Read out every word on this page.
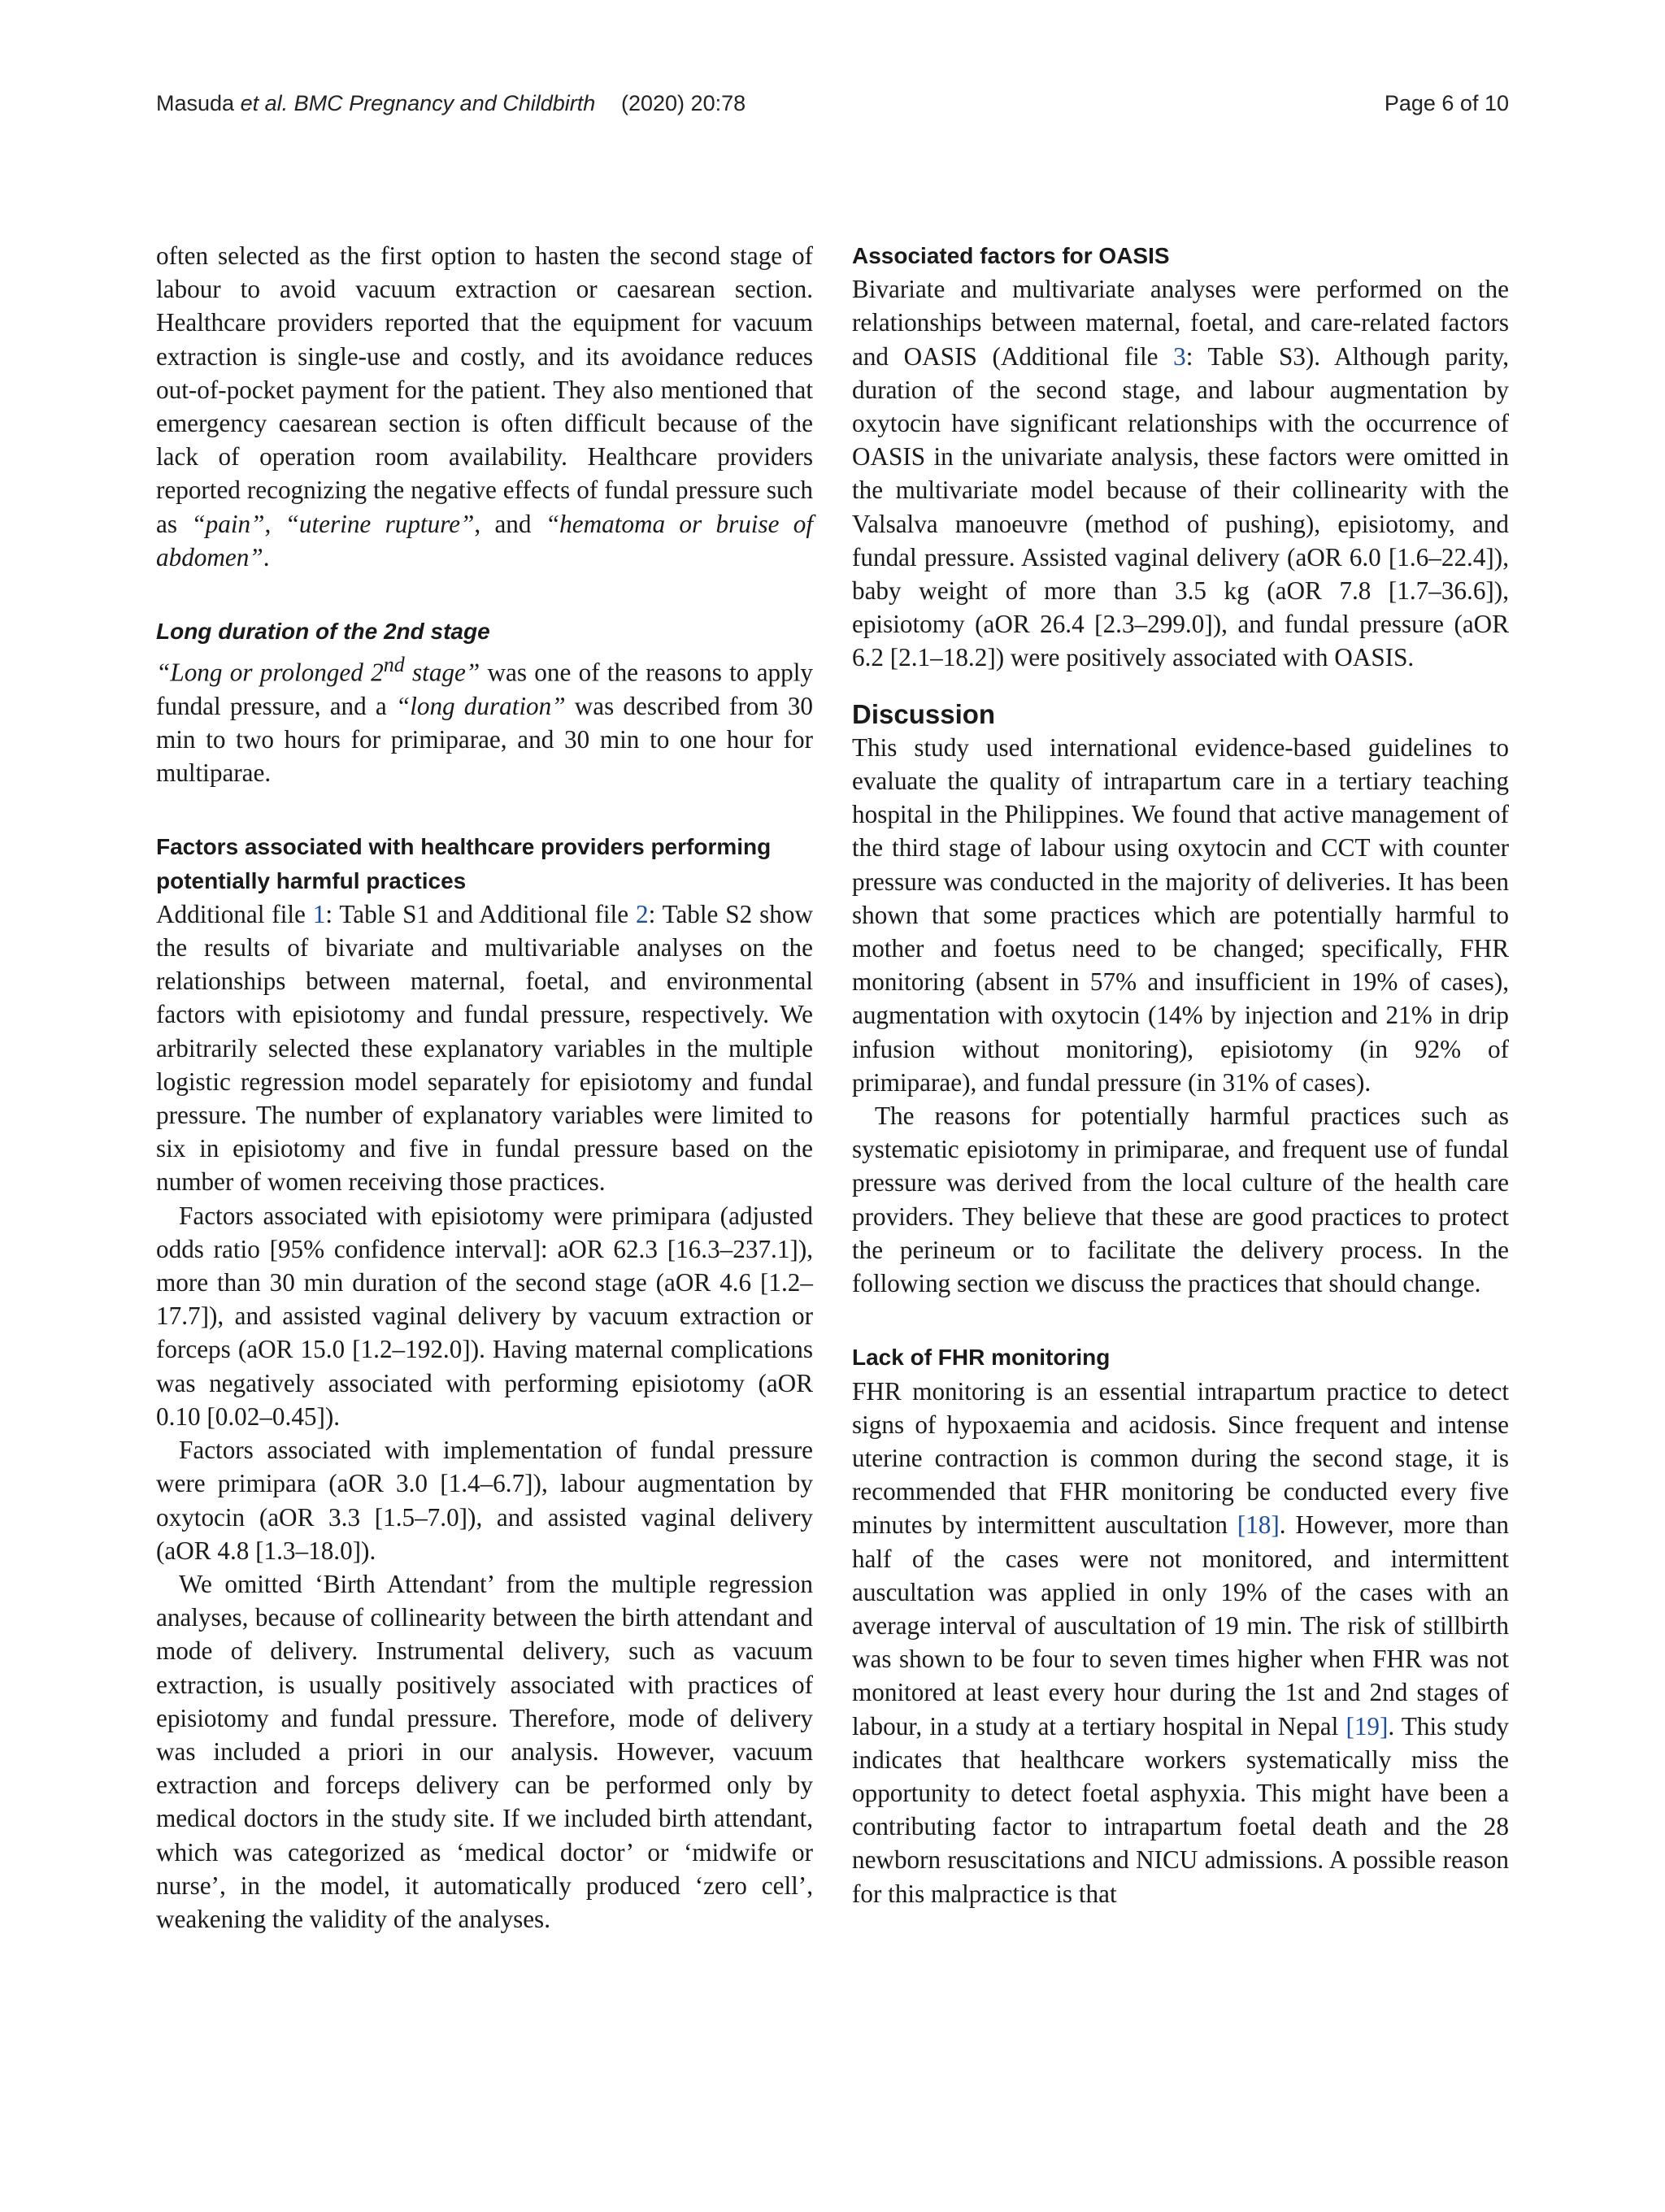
Masuda et al. BMC Pregnancy and Childbirth (2020) 20:78	Page 6 of 10

often selected as the first option to hasten the second stage of labour to avoid vacuum extraction or caesarean section. Healthcare providers reported that the equipment for vacuum extraction is single-use and costly, and its avoidance reduces out-of-pocket payment for the patient. They also mentioned that emergency caesarean section is often difficult because of the lack of operation room availability. Healthcare providers reported recognizing the negative effects of fundal pressure such as “pain”, “uterine rupture”, and “hematoma or bruise of abdomen”.

Long duration of the 2nd stage

“Long or prolonged 2nd stage” was one of the reasons to apply fundal pressure, and a “long duration” was described from 30 min to two hours for primiparae, and 30 min to one hour for multiparae.

Factors associated with healthcare providers performing potentially harmful practices

Additional file 1: Table S1 and Additional file 2: Table S2 show the results of bivariate and multivariable analyses on the relationships between maternal, foetal, and environmental factors with episiotomy and fundal pressure, respectively. We arbitrarily selected these explanatory variables in the multiple logistic regression model separately for episiotomy and fundal pressure. The number of explanatory variables were limited to six in episiotomy and five in fundal pressure based on the number of women receiving those practices.

Factors associated with episiotomy were primipara (adjusted odds ratio [95% confidence interval]: aOR 62.3 [16.3–237.1]), more than 30 min duration of the second stage (aOR 4.6 [1.2–17.7]), and assisted vaginal delivery by vacuum extraction or forceps (aOR 15.0 [1.2–192.0]). Having maternal complications was negatively associated with performing episiotomy (aOR 0.10 [0.02–0.45]).

Factors associated with implementation of fundal pressure were primipara (aOR 3.0 [1.4–6.7]), labour augmentation by oxytocin (aOR 3.3 [1.5–7.0]), and assisted vaginal delivery (aOR 4.8 [1.3–18.0]).

We omitted ‘Birth Attendant’ from the multiple regression analyses, because of collinearity between the birth attendant and mode of delivery. Instrumental delivery, such as vacuum extraction, is usually positively associated with practices of episiotomy and fundal pressure. Therefore, mode of delivery was included a priori in our analysis. However, vacuum extraction and forceps delivery can be performed only by medical doctors in the study site. If we included birth attendant, which was categorized as ‘medical doctor’ or ‘midwife or nurse’, in the model, it automatically produced ‘zero cell’, weakening the validity of the analyses.

Associated factors for OASIS

Bivariate and multivariate analyses were performed on the relationships between maternal, foetal, and care-related factors and OASIS (Additional file 3: Table S3). Although parity, duration of the second stage, and labour augmentation by oxytocin have significant relationships with the occurrence of OASIS in the univariate analysis, these factors were omitted in the multivariate model because of their collinearity with the Valsalva manoeuvre (method of pushing), episiotomy, and fundal pressure. Assisted vaginal delivery (aOR 6.0 [1.6–22.4]), baby weight of more than 3.5 kg (aOR 7.8 [1.7–36.6]), episiotomy (aOR 26.4 [2.3–299.0]), and fundal pressure (aOR 6.2 [2.1–18.2]) were positively associated with OASIS.

Discussion

This study used international evidence-based guidelines to evaluate the quality of intrapartum care in a tertiary teaching hospital in the Philippines. We found that active management of the third stage of labour using oxytocin and CCT with counter pressure was conducted in the majority of deliveries. It has been shown that some practices which are potentially harmful to mother and foetus need to be changed; specifically, FHR monitoring (absent in 57% and insufficient in 19% of cases), augmentation with oxytocin (14% by injection and 21% in drip infusion without monitoring), episiotomy (in 92% of primiparae), and fundal pressure (in 31% of cases).

The reasons for potentially harmful practices such as systematic episiotomy in primiparae, and frequent use of fundal pressure was derived from the local culture of the health care providers. They believe that these are good practices to protect the perineum or to facilitate the delivery process. In the following section we discuss the practices that should change.

Lack of FHR monitoring

FHR monitoring is an essential intrapartum practice to detect signs of hypoxaemia and acidosis. Since frequent and intense uterine contraction is common during the second stage, it is recommended that FHR monitoring be conducted every five minutes by intermittent auscultation [18]. However, more than half of the cases were not monitored, and intermittent auscultation was applied in only 19% of the cases with an average interval of auscultation of 19 min. The risk of stillbirth was shown to be four to seven times higher when FHR was not monitored at least every hour during the 1st and 2nd stages of labour, in a study at a tertiary hospital in Nepal [19]. This study indicates that healthcare workers systematically miss the opportunity to detect foetal asphyxia. This might have been a contributing factor to intrapartum foetal death and the 28 newborn resuscitations and NICU admissions. A possible reason for this malpractice is that
